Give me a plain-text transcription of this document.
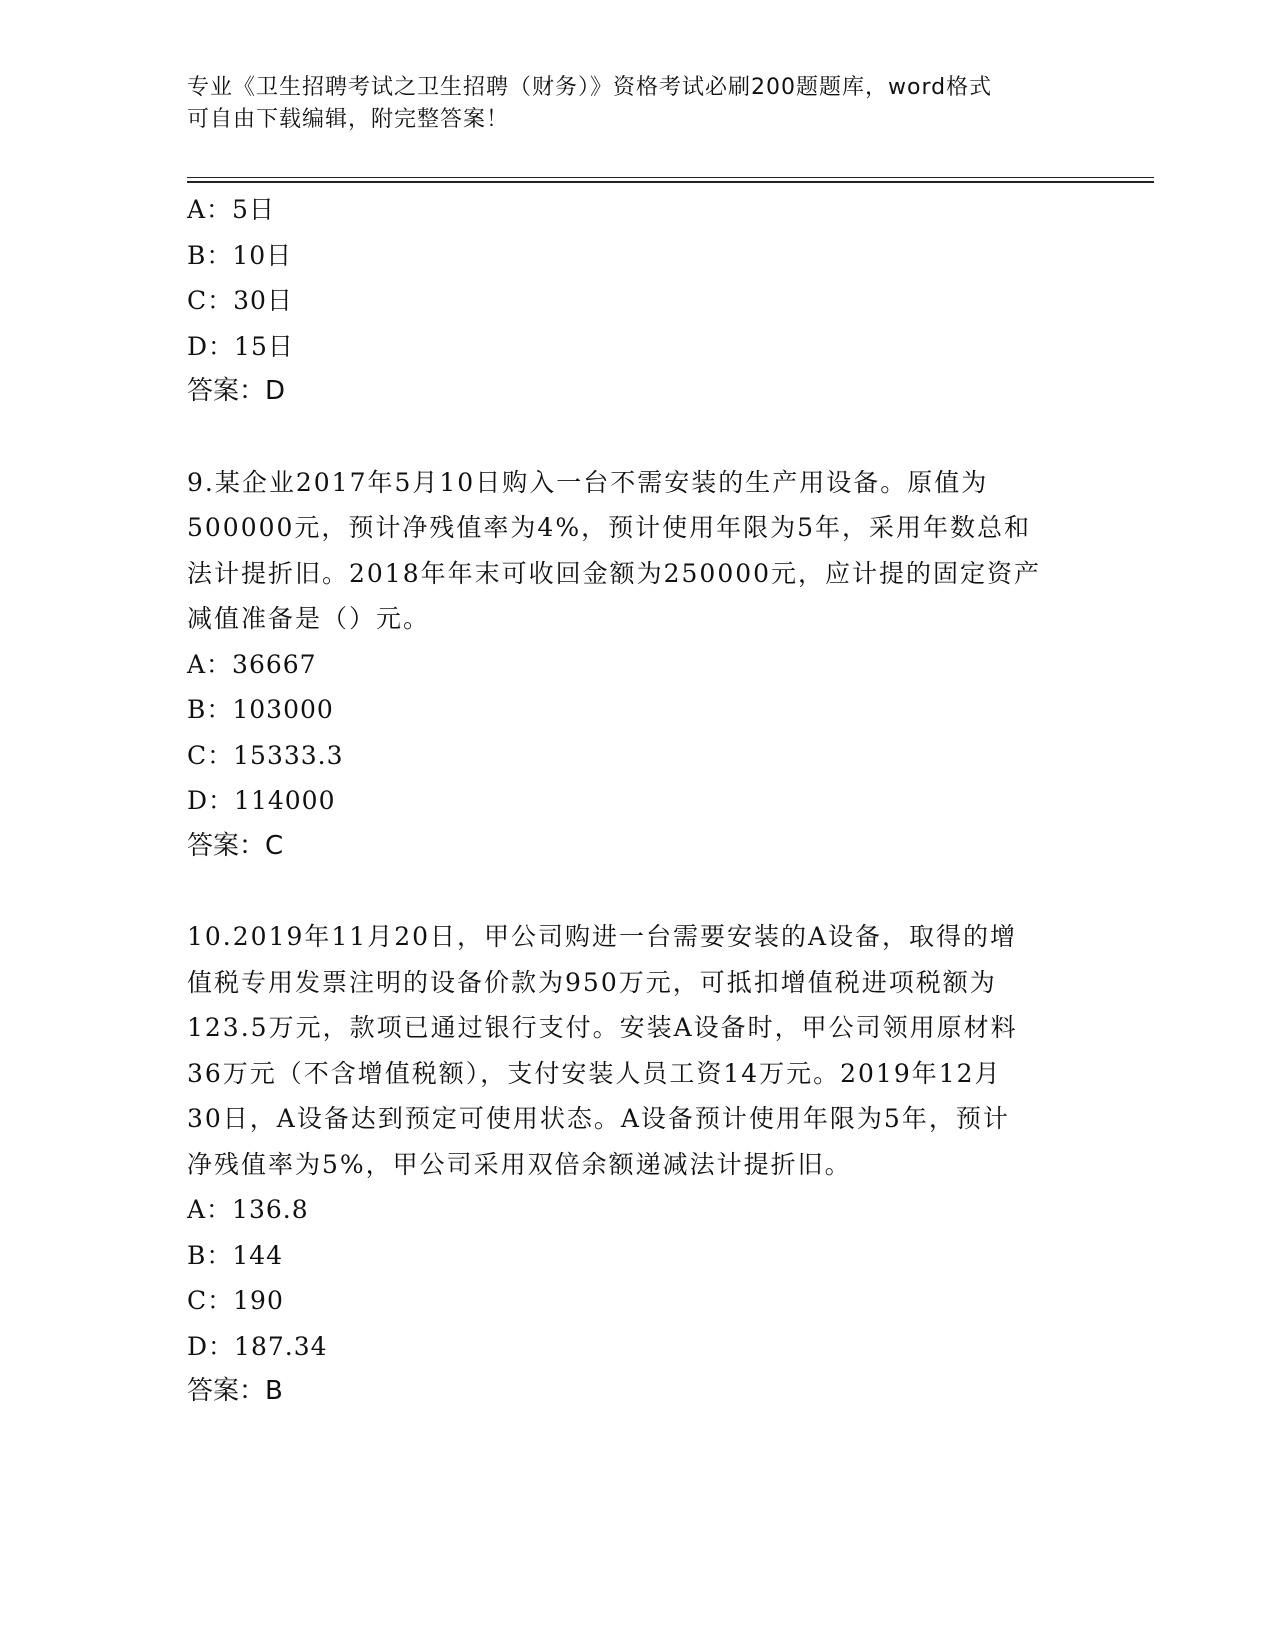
专业《卫生招聘考试之卫生招聘（财务）》资格考试必刷200题题库，word格式
可自由下载编辑，附完整答案！
A：5日
B：10日
C：30日
D：15日
答案：D
9.某企业2017年5月10日购入一台不需安装的生产用设备。原值为
500000元，预计净残值率为4%，预计使用年限为5年，采用年数总和
法计提折旧。2018年年末可收回金额为250000元，应计提的固定资产
减值准备是（）元。
A：36667
B：103000
C：15333.3
D：114000
答案：C
10.2019年11月20日，甲公司购进一台需要安装的A设备，取得的增
值税专用发票注明的设备价款为950万元，可抵扣增值税进项税额为
123.5万元，款项已通过银行支付。安装A设备时，甲公司领用原材料
36万元（不含增值税额），支付安装人员工资14万元。2019年12月
30日，A设备达到预定可使用状态。A设备预计使用年限为5年，预计
净残值率为5%，甲公司采用双倍余额递减法计提折旧。
A：136.8
B：144
C：190
D：187.34
答案：B
